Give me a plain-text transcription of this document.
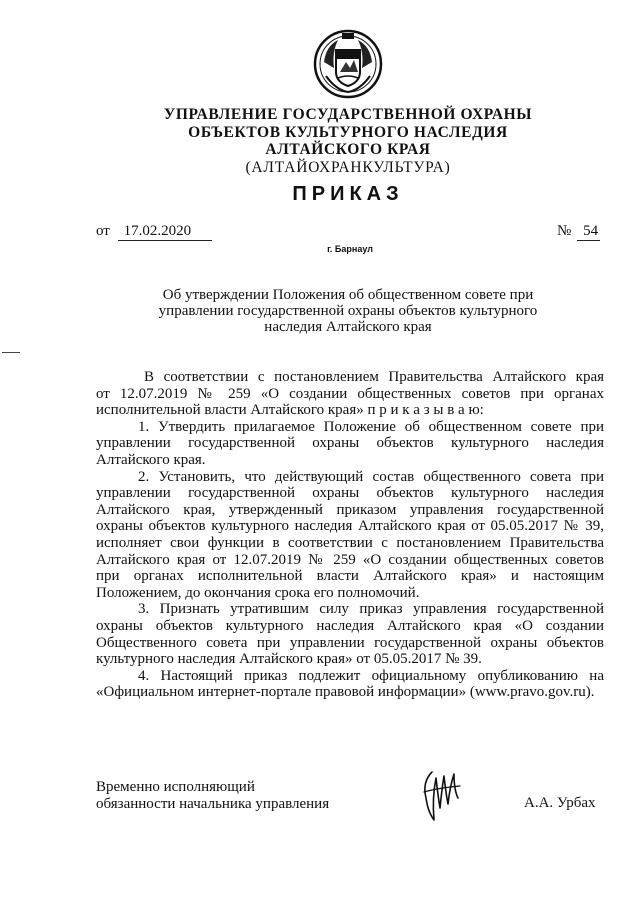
УПРАВЛЕНИЕ ГОСУДАРСТВЕННОЙ ОХРАНЫ
ОБЪЕКТОВ КУЛЬТУРНОГО НАСЛЕДИЯ
АЛТАЙСКОГО КРАЯ
(АЛТАЙОХРАНКУЛЬТУРА)
ПРИКАЗ
от 17.02.2020	№ 54
г. Барнаул
Об утверждении Положения об общественном совете при
управлении государственной охраны объектов культурного
наследия Алтайского края
В соответствии с постановлением Правительства Алтайского края
от 12.07.2019 № 259 «О создании общественных советов при органах
исполнительной власти Алтайского края» п р и к а з ы в а ю:
1. Утвердить прилагаемое Положение об общественном совете при
управлении государственной охраны объектов культурного наследия
Алтайского края.
2. Установить, что действующий состав общественного совета при
управлении государственной охраны объектов культурного наследия
Алтайского края, утвержденный приказом управления государственной
охраны объектов культурного наследия Алтайского края от 05.05.2017 № 39,
исполняет свои функции в соответствии с постановлением Правительства
Алтайского края от 12.07.2019 № 259 «О создании общественных советов
при органах исполнительной власти Алтайского края» и настоящим
Положением, до окончания срока его полномочий.
3. Признать утратившим силу приказ управления государственной
охраны объектов культурного наследия Алтайского края «О создании
Общественного совета при управлении государственной охраны объектов
культурного наследия Алтайского края» от 05.05.2017 № 39.
4. Настоящий приказ подлежит официальному опубликованию на
«Официальном интернет-портале правовой информации» (www.pravo.gov.ru).
Временно исполняющий
обязанности начальника управления	А.А. Урбах
